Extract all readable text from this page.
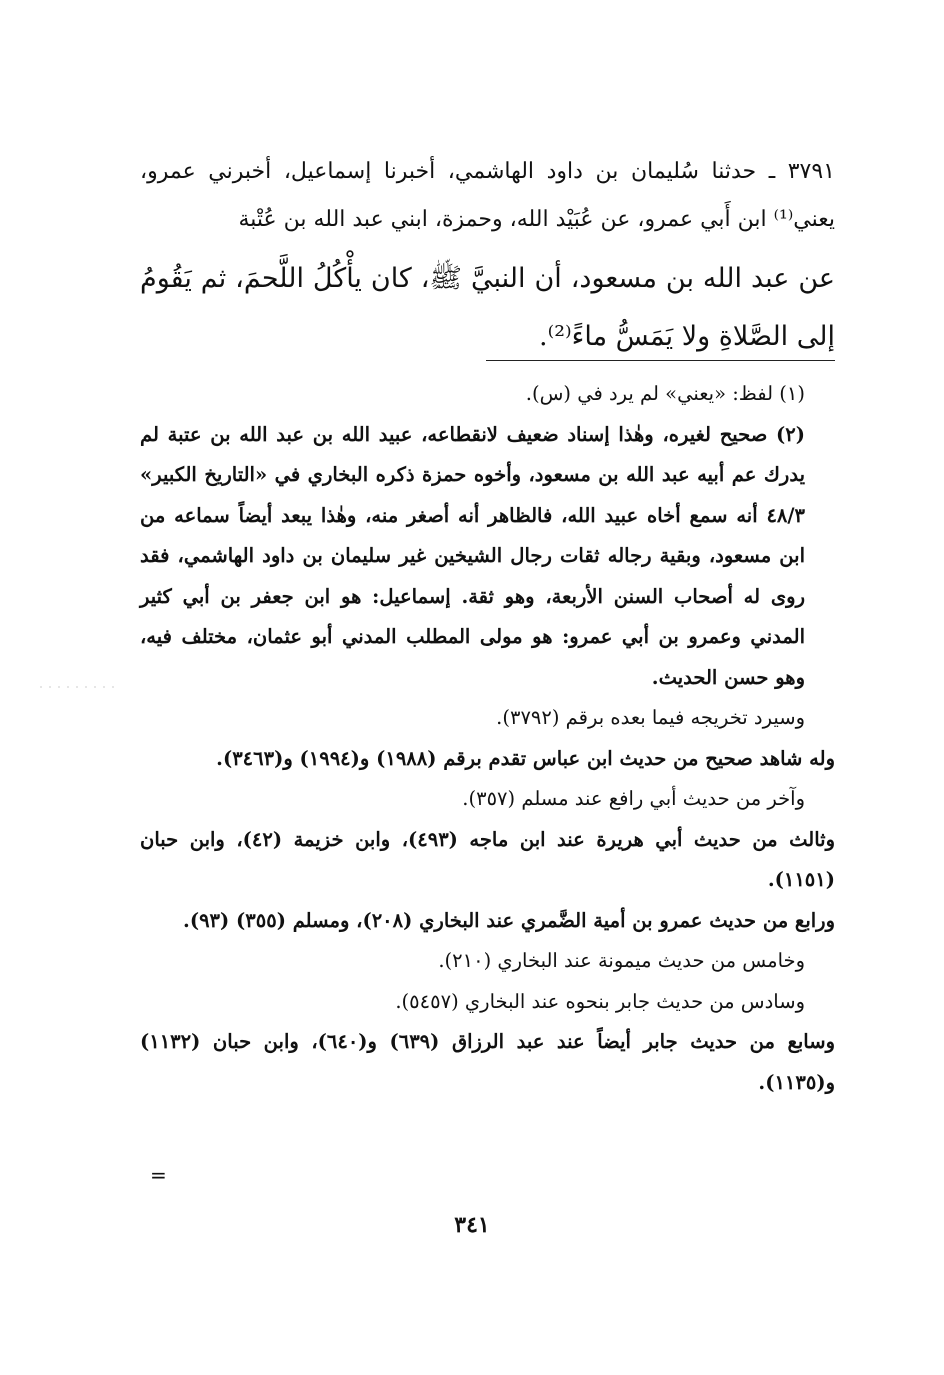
٣٧٩١ ـ حدثنا سُليمان بن داود الهاشمي، أخبرنا إسماعيل، أخبرني عمرو، يعني⁽¹⁾ ابن أَبي عمرو، عن عُبَيْد الله، وحمزة، ابني عبد الله بن عُتْبة
عن عبد الله بن مسعود، أن النبيَّ ﷺ، كان يأْكُلُ اللَّحمَ، ثم يَقُومُ إلى الصَّلاةِ ولا يَمَسُّ ماءً⁽²⁾.

(١) لفظ: «يعني» لم يرد في (س).

(٢) صحيح لغيره، وهٰذا إسناد ضعيف لانقطاعه، عبيد الله بن عبد الله بن عتبة لم يدرك عم أبيه عبد الله بن مسعود، وأخوه حمزة ذكره البخاري في «التاريخ الكبير» ٤٨/٣ أنه سمع أخاه عبيد الله، فالظاهر أنه أصغر منه، وهٰذا يبعد أيضاً سماعه من ابن مسعود، وبقية رجاله ثقات رجال الشيخين غير سليمان بن داود الهاشمي، فقد روى له أصحاب السنن الأربعة، وهو ثقة. إسماعيل: هو ابن جعفر بن أبي كثير المدني وعمرو بن أبي عمرو: هو مولى المطلب المدني أبو عثمان، مختلف فيه، وهو حسن الحديث.

وسيرد تخريجه فيما بعده برقم (٣٧٩٢).

وله شاهد صحيح من حديث ابن عباس تقدم برقم (١٩٨٨) و(١٩٩٤) و(٣٤٦٣).

وآخر من حديث أبي رافع عند مسلم (٣٥٧).

وثالث من حديث أبي هريرة عند ابن ماجه (٤٩٣)، وابن خزيمة (٤٢)، وابن حبان (١١٥١).

ورابع من حديث عمرو بن أمية الضَّمري عند البخاري (٢٠٨)، ومسلم (٣٥٥) (٩٣).

وخامس من حديث ميمونة عند البخاري (٢١٠).

وسادس من حديث جابر بنحوه عند البخاري (٥٤٥٧).

وسابع من حديث جابر أيضاً عند عبد الرزاق (٦٣٩) و(٦٤٠)، وابن حبان (١١٣٢) و(١١٣٥).

=
٣٤١
